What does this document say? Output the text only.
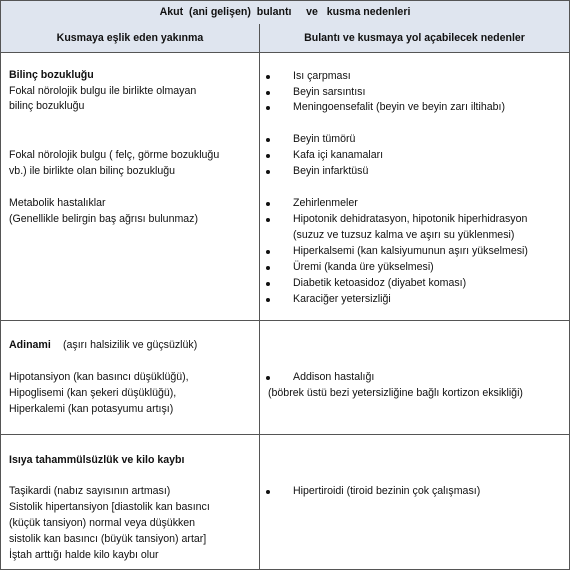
Akut  (ani gelişen)  bulantı     ve   kusma nedenleri
Kusmaya eşlik eden yakınma	Bulantı ve kusmaya yol açabilecek nedenler
Bilinç bozukluğu
Fokal nörolojik bulgu ile birlikte olmayan
bilinç bozukluğu
Fokal nörolojik bulgu ( felç, görme bozukluğu
vb.) ile birlikte olan bilinç bozukluğu
Metabolik hastalıklar
(Genellikle belirgin baş ağrısı bulunmaz)
Isı çarpması
Beyin sarsıntısı
Meningoensefalit (beyin ve beyin zarı iltihabı)
Beyin tümörü
Kafa içi kanamaları
Beyin infarktüsü
Zehirlenmeler
Hipotonik dehidratasyon, hipotonik hiperhidrasyon
(suzuz ve tuzsuz kalma ve aşırı su yüklenmesi)
Hiperkalsemi (kan kalsiyumunun aşırı yükselmesi)
Üremi (kanda üre yükselmesi)
Diabetik ketoasidoz (diyabet koması)
Karaciğer yetersizliği
Adinami (aşırı halsizilik ve güçsüzlük)
Hipotansiyon (kan basıncı düşüklüğü),
Hipoglisemi (kan şekeri düşüklüğü),
Hiperkalemi (kan potasyumu artışı)
Addison hastalığı
(böbrek üstü bezi yetersizliğine bağlı kortizon eksikliği)
Isıya tahammülsüzlük ve kilo kaybı
Taşikardi (nabız sayısının artması)
Sistolik hipertansiyon [diastolik kan basıncı
(küçük tansiyon) normal veya düşükken
sistolik kan basıncı (büyük tansiyon) artar]
İştah arttığı halde kilo kaybı olur
Hipertiroidi (tiroid bezinin çok çalışması)
